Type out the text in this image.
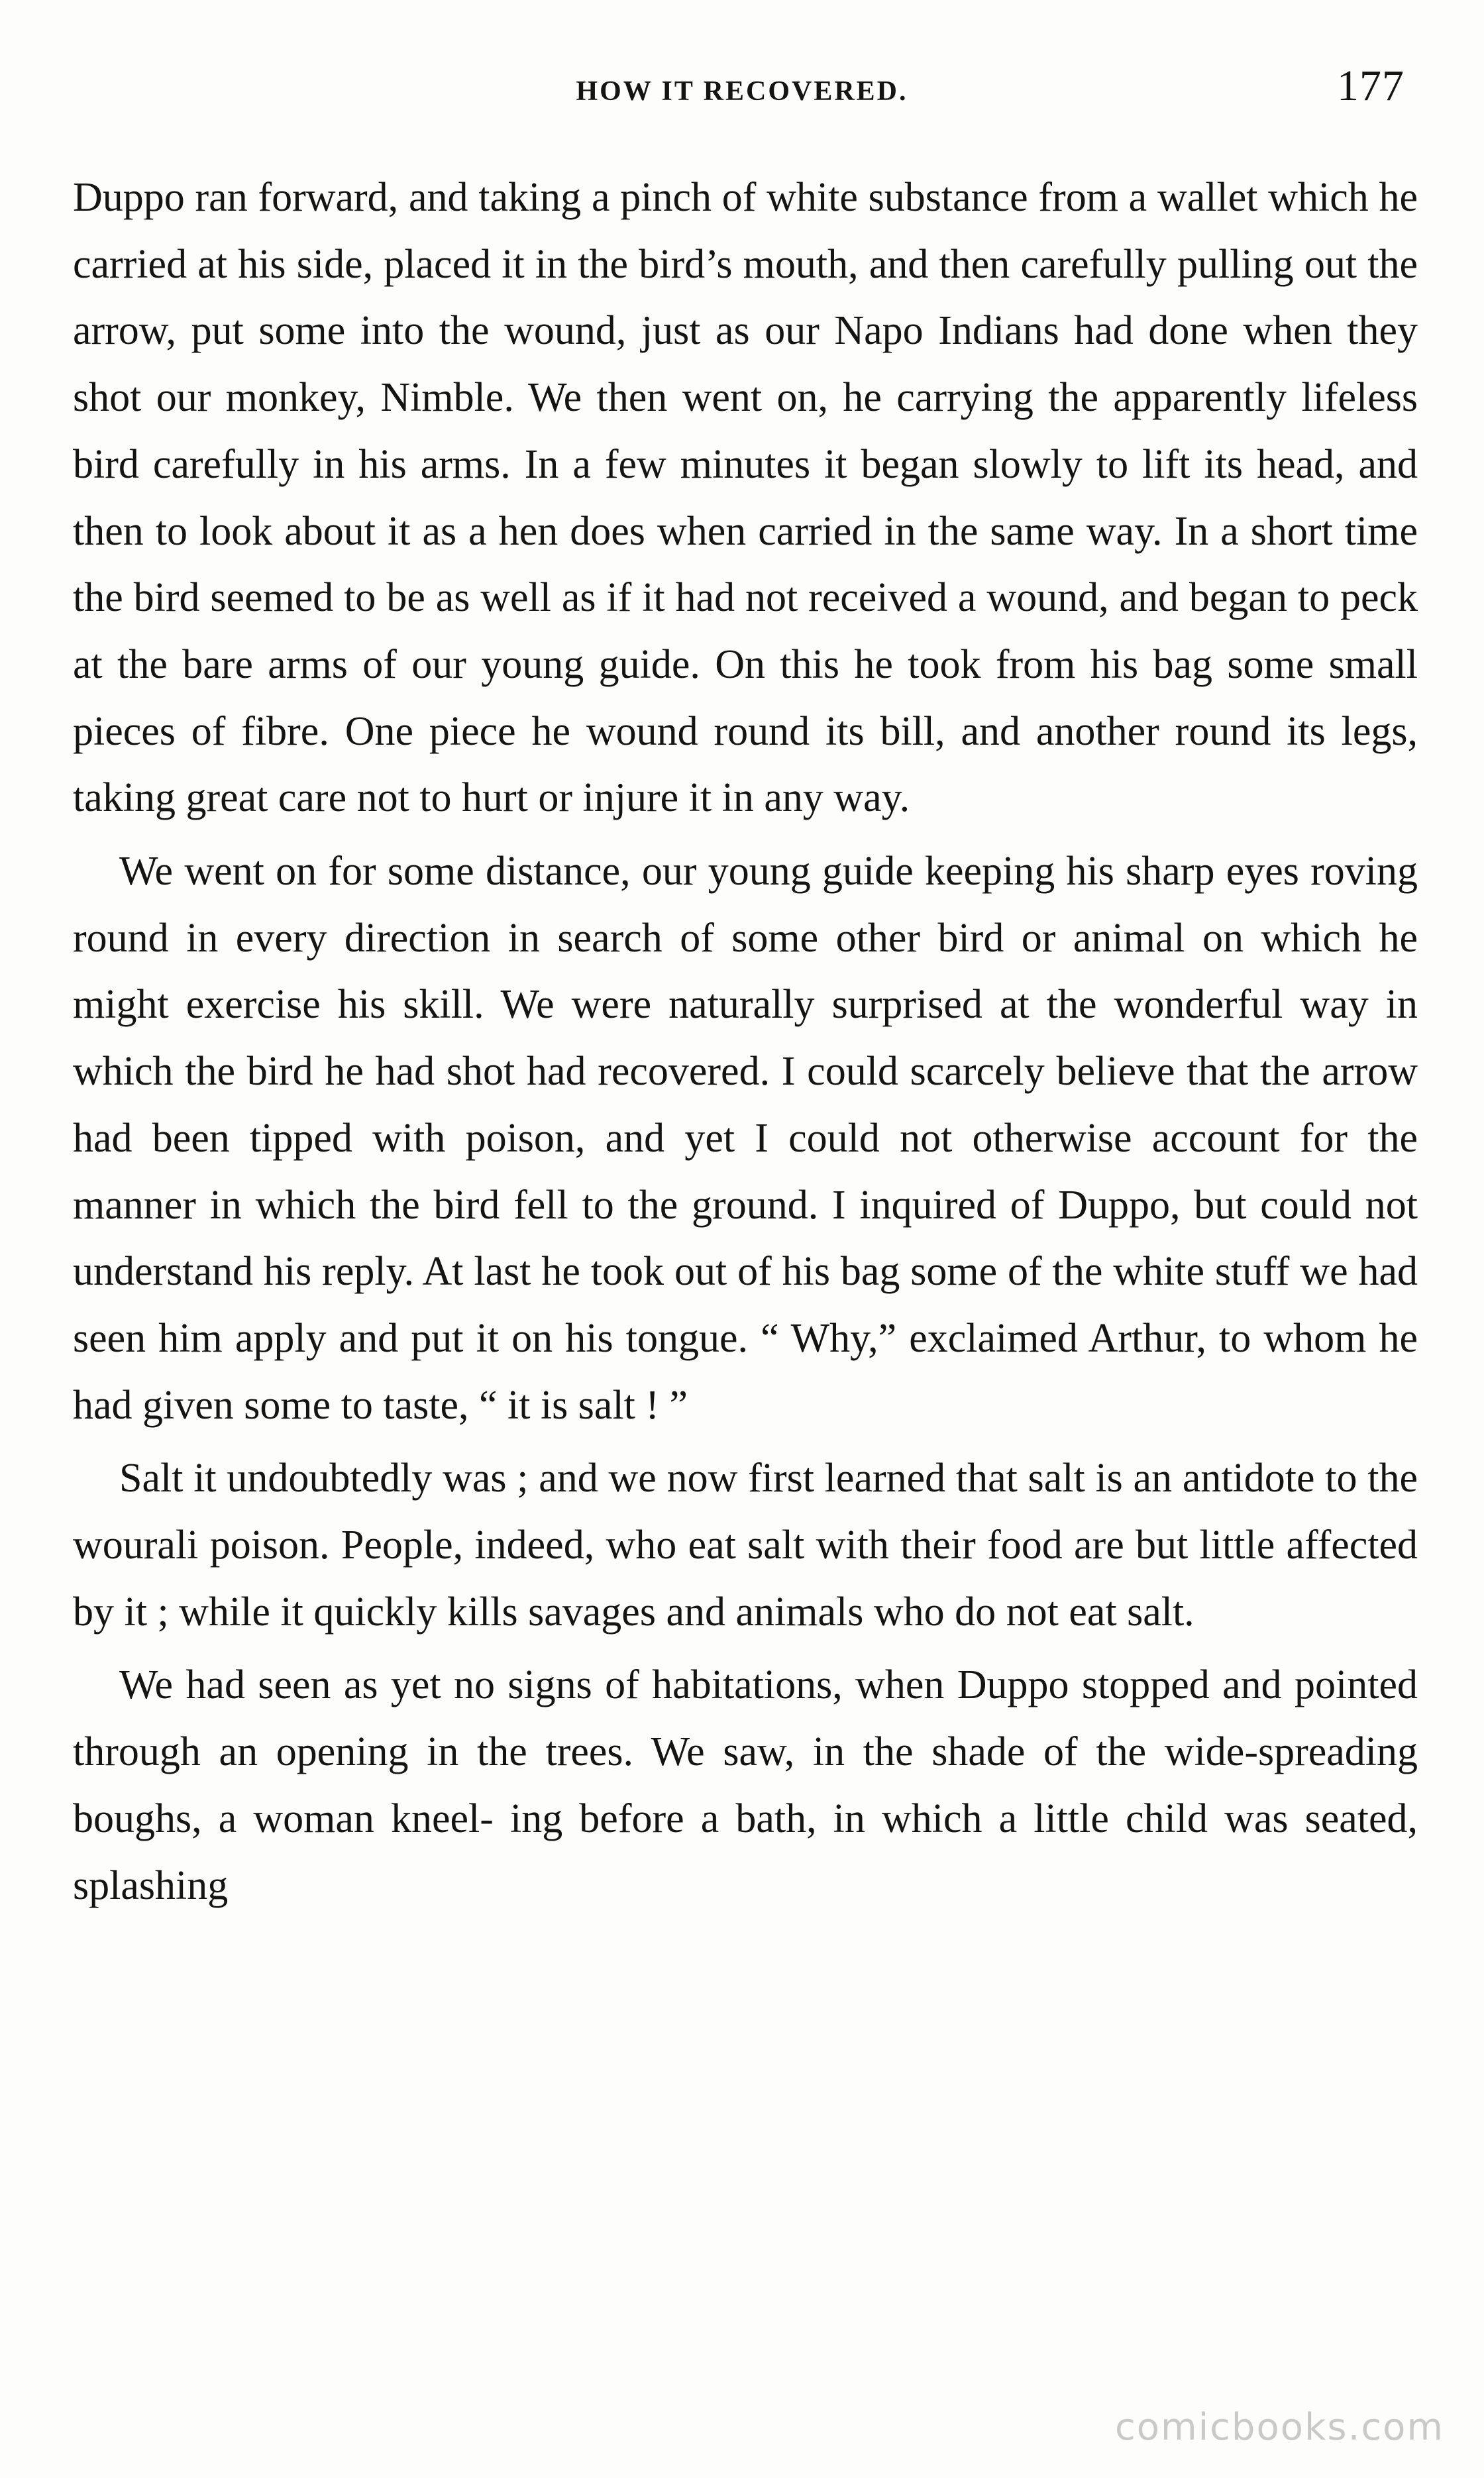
HOW IT RECOVERED.	177

Duppo ran forward, and taking a pinch of white substance from a wallet which he carried at his side, placed it in the bird’s mouth, and then carefully pulling out the arrow, put some into the wound, just as our Napo Indians had done when they shot our monkey, Nimble. We then went on, he carrying the apparently lifeless bird carefully in his arms. In a few minutes it began slowly to lift its head, and then to look about it as a hen does when carried in the same way. In a short time the bird seemed to be as well as if it had not received a wound, and began to peck at the bare arms of our young guide. On this he took from his bag some small pieces of fibre. One piece he wound round its bill, and another round its legs, taking great care not to hurt or injure it in any way.

We went on for some distance, our young guide keeping his sharp eyes roving round in every direction in search of some other bird or animal on which he might exercise his skill. We were naturally surprised at the wonderful way in which the bird he had shot had recovered. I could scarcely believe that the arrow had been tipped with poison, and yet I could not otherwise account for the manner in which the bird fell to the ground. I inquired of Duppo, but could not understand his reply. At last he took out of his bag some of the white stuff we had seen him apply and put it on his tongue. “ Why,” exclaimed Arthur, to whom he had given some to taste, “ it is salt ! ”

Salt it undoubtedly was ; and we now first learned that salt is an antidote to the wourali poison. People, indeed, who eat salt with their food are but little affected by it ; while it quickly kills savages and animals who do not eat salt.

We had seen as yet no signs of habitations, when Duppo stopped and pointed through an opening in the trees. We saw, in the shade of the wide-spreading boughs, a woman kneel- ing before a bath, in which a little child was seated, splashing

comicbooks.com
